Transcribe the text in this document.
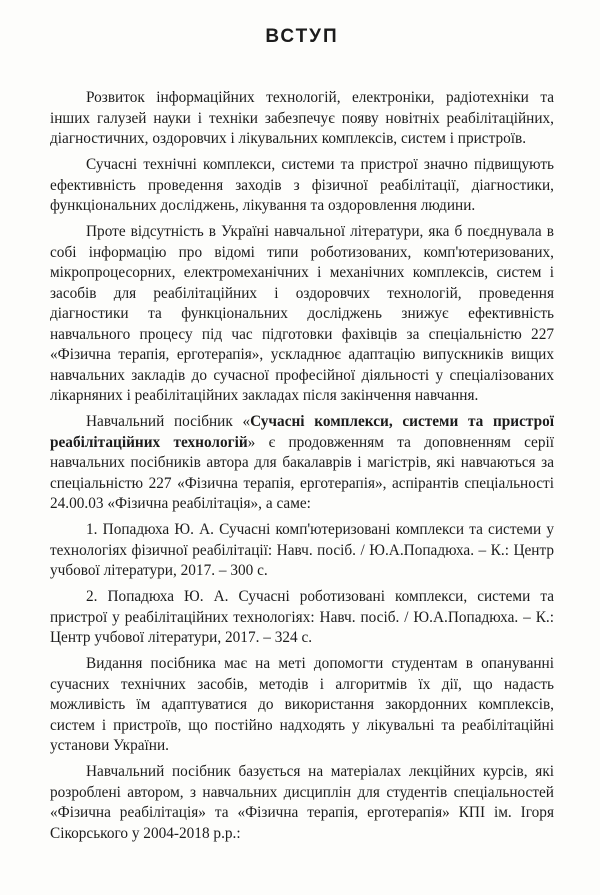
ВСТУП

Розвиток інформаційних технологій, електроніки, радіотехніки та інших галузей науки і техніки забезпечує появу новітніх реабілітаційних, діагностичних, оздоровчих і лікувальних комплексів, систем і пристроїв.

Сучасні технічні комплекси, системи та пристрої значно підвищують ефективність проведення заходів з фізичної реабілітації, діагностики, функціональних досліджень, лікування та оздоровлення людини.

Проте відсутність в Україні навчальної літератури, яка б поєднувала в собі інформацію про відомі типи роботизованих, комп'ютеризованих, мікропроцесорних, електромеханічних і механічних комплексів, систем і засобів для реабілітаційних і оздоровчих технологій, проведення діагностики та функціональних досліджень знижує ефективність навчального процесу під час підготовки фахівців за спеціальністю 227 «Фізична терапія, ерготерапія», ускладнює адаптацію випускників вищих навчальних закладів до сучасної професійної діяльності у спеціалізованих лікарняних і реабілітаційних закладах після закінчення навчання.

Навчальний посібник «Сучасні комплекси, системи та пристрої реабілітаційних технологій» є продовженням та доповненням серії навчальних посібників автора для бакалаврів і магістрів, які навчаються за спеціальністю 227 «Фізична терапія, ерготерапія», аспірантів спеціальності 24.00.03 «Фізична реабілітація», а саме:

1. Попадюха Ю. А. Сучасні комп'ютеризовані комплекси та системи у технологіях фізичної реабілітації: Навч. посіб. / Ю.А.Попадюха. – К.: Центр учбової літератури, 2017. – 300 с.

2. Попадюха Ю. А. Сучасні роботизовані комплекси, системи та пристрої у реабілітаційних технологіях: Навч. посіб. / Ю.А.Попадюха. – К.: Центр учбової літератури, 2017. – 324 с.

Видання посібника має на меті допомогти студентам в опануванні сучасних технічних засобів, методів і алгоритмів їх дії, що надасть можливість їм адаптуватися до використання закордонних комплексів, систем і пристроїв, що постійно надходять у лікувальні та реабілітаційні установи України.

Навчальний посібник базується на матеріалах лекційних курсів, які розроблені автором, з навчальних дисциплін для студентів спеціальностей «Фізична реабілітація» та «Фізична терапія, ерготерапія» КПІ ім. Ігоря Сікорського у 2004-2018 р.р.:
